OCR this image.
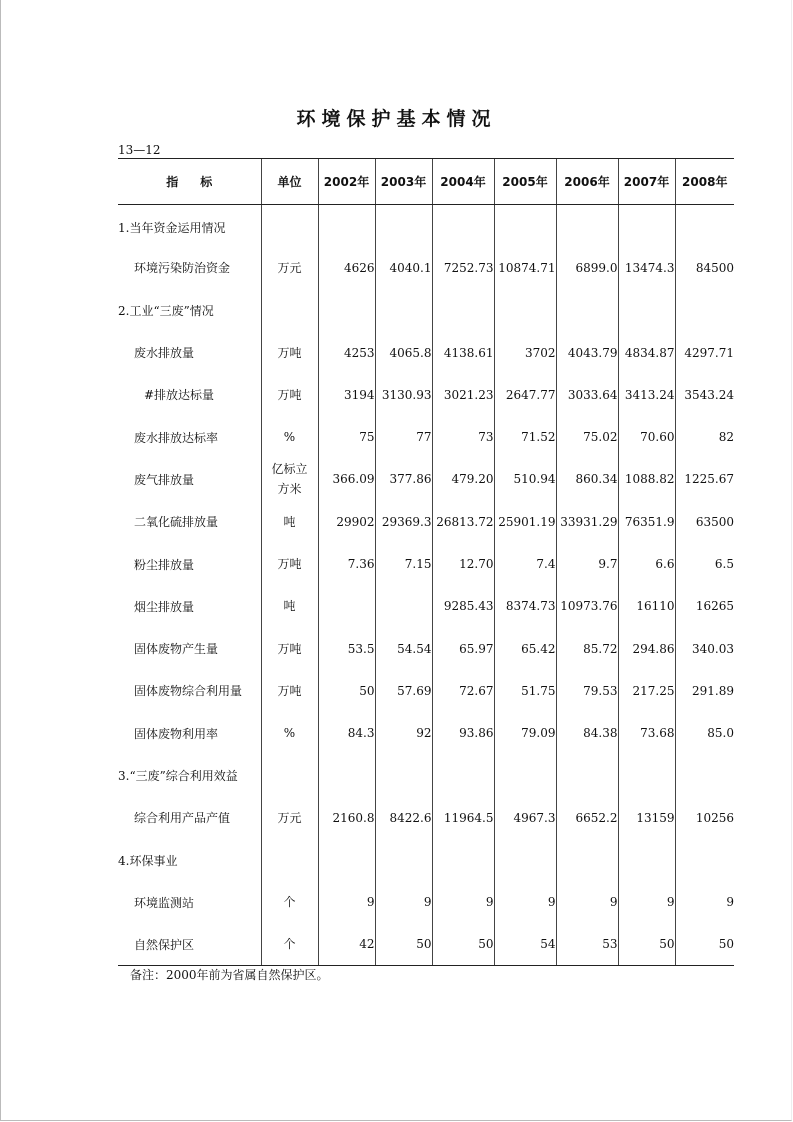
环境保护基本情况
13—12
指标	单位	2002年	2003年	2004年	2005年	2006年	2007年	2008年
1.当年资金运用情况								
环境污染防治资金	万元	4626	4040.1	7252.73	10874.71	6899.0	13474.3	84500
2.工业“三废”情况								
废水排放量	万吨	4253	4065.8	4138.61	3702	4043.79	4834.87	4297.71
#排放达标量	万吨	3194	3130.93	3021.23	2647.77	3033.64	3413.24	3543.24
废水排放达标率	%	75	77	73	71.52	75.02	70.60	82
废气排放量	亿标立方米	366.09	377.86	479.20	510.94	860.34	1088.82	1225.67
二氧化硫排放量	吨	29902	29369.3	26813.72	25901.19	33931.29	76351.9	63500
粉尘排放量	万吨	7.36	7.15	12.70	7.4	9.7	6.6	6.5
烟尘排放量	吨			9285.43	8374.73	10973.76	16110	16265
固体废物产生量	万吨	53.5	54.54	65.97	65.42	85.72	294.86	340.03
固体废物综合利用量	万吨	50	57.69	72.67	51.75	79.53	217.25	291.89
固体废物利用率	%	84.3	92	93.86	79.09	84.38	73.68	85.0
3.“三废”综合利用效益								
综合利用产品产值	万元	2160.8	8422.6	11964.5	4967.3	6652.2	13159	10256
4.环保事业								
环境监测站	个	9	9	9	9	9	9	9
自然保护区	个	42	50	50	54	53	50	50
备注：2000年前为省属自然保护区。
